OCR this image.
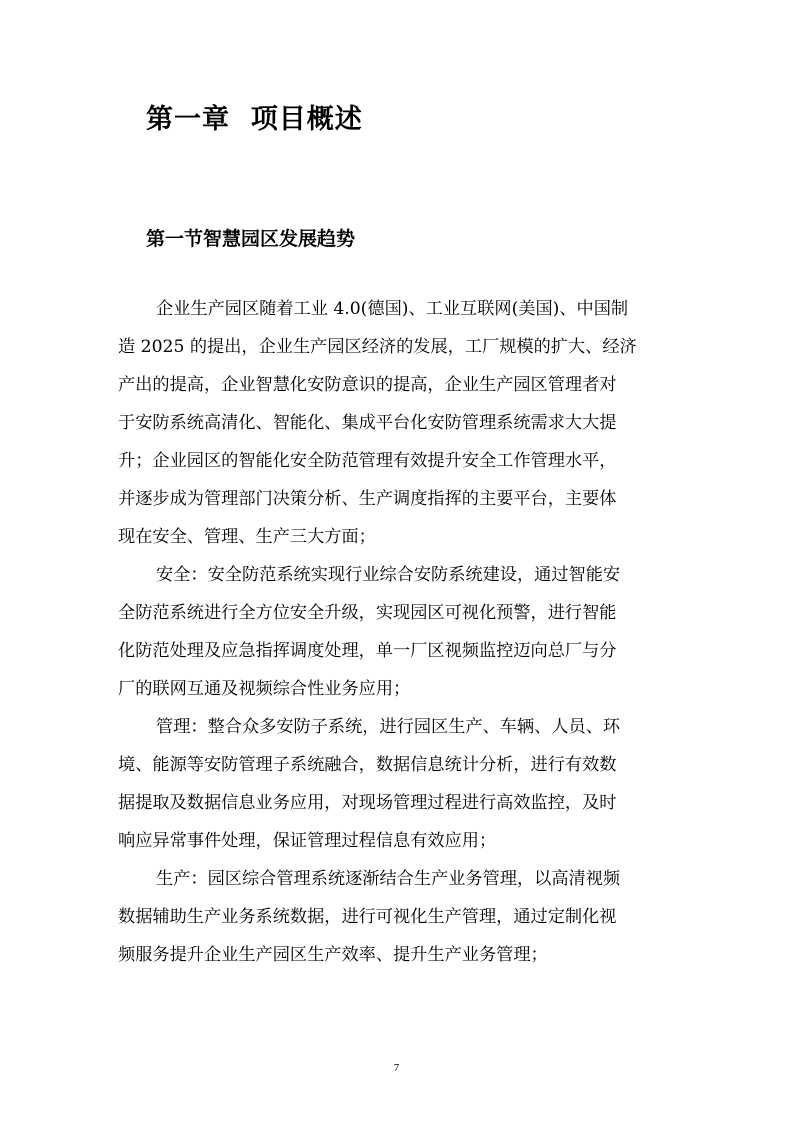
第一章  项目概述
第一节智慧园区发展趋势
企业生产园区随着工业 4.0(德国)、工业互联网(美国)、中国制
造 2025 的提出，企业生产园区经济的发展，工厂规模的扩大、经济
产出的提高，企业智慧化安防意识的提高，企业生产园区管理者对
于安防系统高清化、智能化、集成平台化安防管理系统需求大大提
升；企业园区的智能化安全防范管理有效提升安全工作管理水平，
并逐步成为管理部门决策分析、生产调度指挥的主要平台，主要体
现在安全、管理、生产三大方面；
安全：安全防范系统实现行业综合安防系统建设，通过智能安
全防范系统进行全方位安全升级，实现园区可视化预警，进行智能
化防范处理及应急指挥调度处理，单一厂区视频监控迈向总厂与分
厂的联网互通及视频综合性业务应用；
管理：整合众多安防子系统，进行园区生产、车辆、人员、环
境、能源等安防管理子系统融合，数据信息统计分析，进行有效数
据提取及数据信息业务应用，对现场管理过程进行高效监控，及时
响应异常事件处理，保证管理过程信息有效应用；
生产：园区综合管理系统逐渐结合生产业务管理，以高清视频
数据辅助生产业务系统数据，进行可视化生产管理，通过定制化视
频服务提升企业生产园区生产效率、提升生产业务管理；
7
